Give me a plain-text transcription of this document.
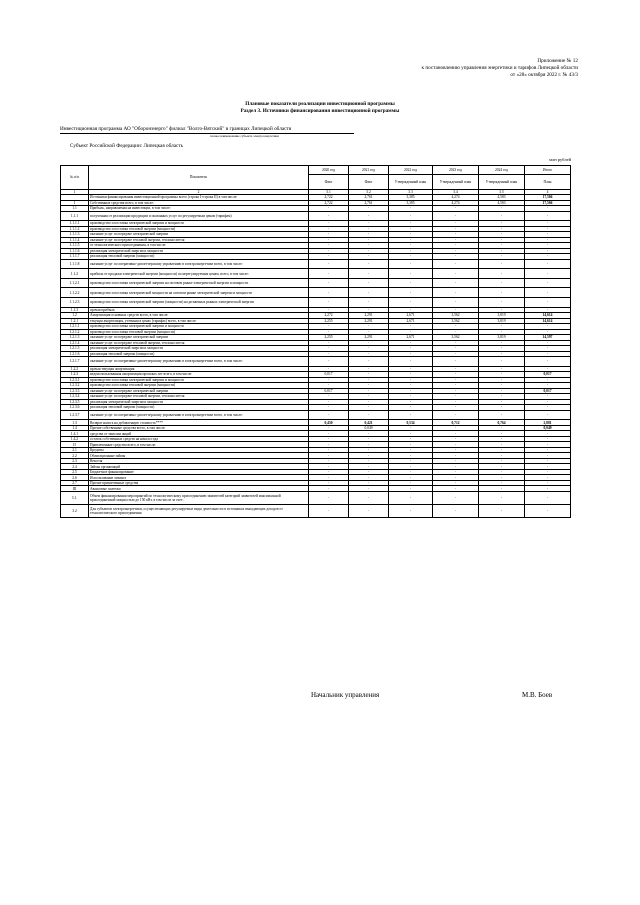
Приложение № 12
к постановлению управления энергетики и тарифов Липецкой области
от «28» октября 2022 г. № 43/3
Плановые показатели реализации инвестиционной программы
Раздел 3. Источники финансирования инвестиционной программы
Инвестиционная программа АО "Оборонэнерго" филиал "Волго-Вятский" в границах Липецкой области
полное наименование субъекта электроэнергетики
Субъект Российской Федерации: Липецкая область
млн рублей
№ п/п	Показатель	2020 год	2021 год	2022 год	2023 год	2024 год	Итого
		Факт	Факт	Утвержденный план	Утвержденный план	Утвержденный план	План
1	2	3.1	3.2	3.3	3.4	3.5	4
	Источники финансирования инвестиционной программы всего (строка I+строка II) в том числе:	2,722	2,761	3,385	4,274	4,583	17,566
I	Собственные средства всего, в том числе:	2,722	2,761	3,385	4,274	4,583	17,566
1.1	Прибыль, направляемая на инвестиции, в том числе:	-	-	-	-	-	-
1.1.1	полученная от реализации продукции и оказанных услуг по регулируемым ценам (тарифам)	-	-	-	-	-	-
1.1.1.1	производство и поставка электрической энергии и мощности	-	-	-	-	-	-
1.1.1.2	производство и поставка тепловой энергии (мощности)	-	-	-	-	-	-
1.1.1.3	оказание услуг по передаче электрической энергии	-	-	-	-	-	-
1.1.1.4	оказание услуг по передаче тепловой энергии, теплоносителя	-	-	-	-	-	-
1.1.1.5	от технологического присоединения, в том числе:	-	-	-	-	-	-
1.1.1.6	реализация электрической энергии и мощности	-	-	-	-	-	-
1.1.1.7	реализация тепловой энергии (мощности)	-	-	-	-	-	-
1.1.1.8	оказание услуг по оперативно-диспетчерскому управлению в электроэнергетике всего, в том числе:	-	-	-	-	-	-
1.1.2	прибыль от продажи электрической энергии (мощности) по нерегулируемым ценам, всего, в том числе:	-	-	-	-	-	-
1.1.2.1	производство и поставка электрической энергии на оптовом рынке электрической энергии и мощности	-	-	-	-	-	-
1.1.2.2	производство и поставка электрической мощности на оптовом рынке электрической энергии и мощности	-	-	-	-	-	-
1.1.2.3	производство и поставка электрической энергии (мощности) на розничных рынках электрической энергии	-	-	-	-	-	-
1.1.3	прочая прибыль	-	-	-	-	-	-
1.2	Амортизация основных средств всего, в том числе:	2,272	2,291	2,671	3,562	3,819	14,614
1.2.1	текущая амортизация, учтенная в ценах (тарифах) всего, в том числе:	2,255	2,291	2,671	3,562	3,819	14,614
1.2.1.1	производство и поставка электрической энергии и мощности	-	-	-	-	-	-
1.2.1.2	производство и поставка тепловой энергии (мощности)	-	-	-	-	-	-
1.2.1.3	оказание услуг по передаче электрической энергии	2,255	2,291	2,671	3,562	3,819	14,597
1.2.1.4	оказание услуг по передаче тепловой энергии, теплоносителя	-	-	-	-	-	-
1.2.1.5	реализация электрической энергии и мощности	-	-	-	-	-	-
1.2.1.6	реализация тепловой энергии (мощности)	-	-	-	-	-	-
1.2.1.7	оказание услуг по оперативно-диспетчерскому управлению в электроэнергетике всего, в том числе:	-	-	-	-	-	-
1.2.2	прочая текущая амортизация	-	-	-	-	-	-
1.2.3	недоиспользованная амортизация прошлых лет всего, в том числе:	0,017	-	-	-	-	0,017
1.2.3.1	производство и поставка электрической энергии и мощности	-	-	-	-	-	-
1.2.3.2	производство и поставка тепловой энергии (мощности)	-	-	-	-	-	-
1.2.3.3	оказание услуг по передаче электрической энергии	0,017	-	-	-	-	0,017
1.2.3.4	оказание услуг по передаче тепловой энергии, теплоносителя	-	-	-	-	-	-
1.2.3.5	реализация электрической энергии и мощности	-	-	-	-	-	-
1.2.3.6	реализация тепловой энергии (мощности)	-	-	-	-	-	-
1.2.3.7	оказание услуг по оперативно-диспетчерскому управлению в электроэнергетике всего, в том числе:	-	-	-	-	-	-
1.3	Возврат налога на добавленную стоимость****	0,450	0,421	0,534	0,712	0,764	2,881
1.4	Прочие собственные средства всего, в том числе:	-	0,049	-	-	-	0,049
1.4.1	средства от эмиссии акций	-	-	-	-	-	-
1.4.2	остаток собственных средств на начало года	-	-	-	-	-	-
II	Привлеченные средства всего, в том числе:	-	-	-	-	-	-
2.1	Кредиты	-	-	-	-	-	-
2.2	Облигационные займы	-	-	-	-	-	-
2.3	Векселя	-	-	-	-	-	-
2.4	Займы организаций	-	-	-	-	-	-
2.5	Бюджетное финансирование	-	-	-	-	-	-
2.6	Использование лизинга	-	-	-	-	-	-
2.7	Прочие привлеченные средства	-	-	-	-	-	-
III	Авансовые платежи	-	-	-	-	-	-
3.1.	Объем финансирования мероприятий по технологическому присоединению заявителей категорий заявителей максимальной присоединенной мощностью до 150 кВт, в том числе за счет:	-	-	-	-	-	-
3.2	Для субъектов электроэнергетики, осуществляющих регулируемые виды деятельности в источниках выпадающих доходов от технологического присоединения	-	-	-	-	-	-
Начальник управления	М.В. Боев
